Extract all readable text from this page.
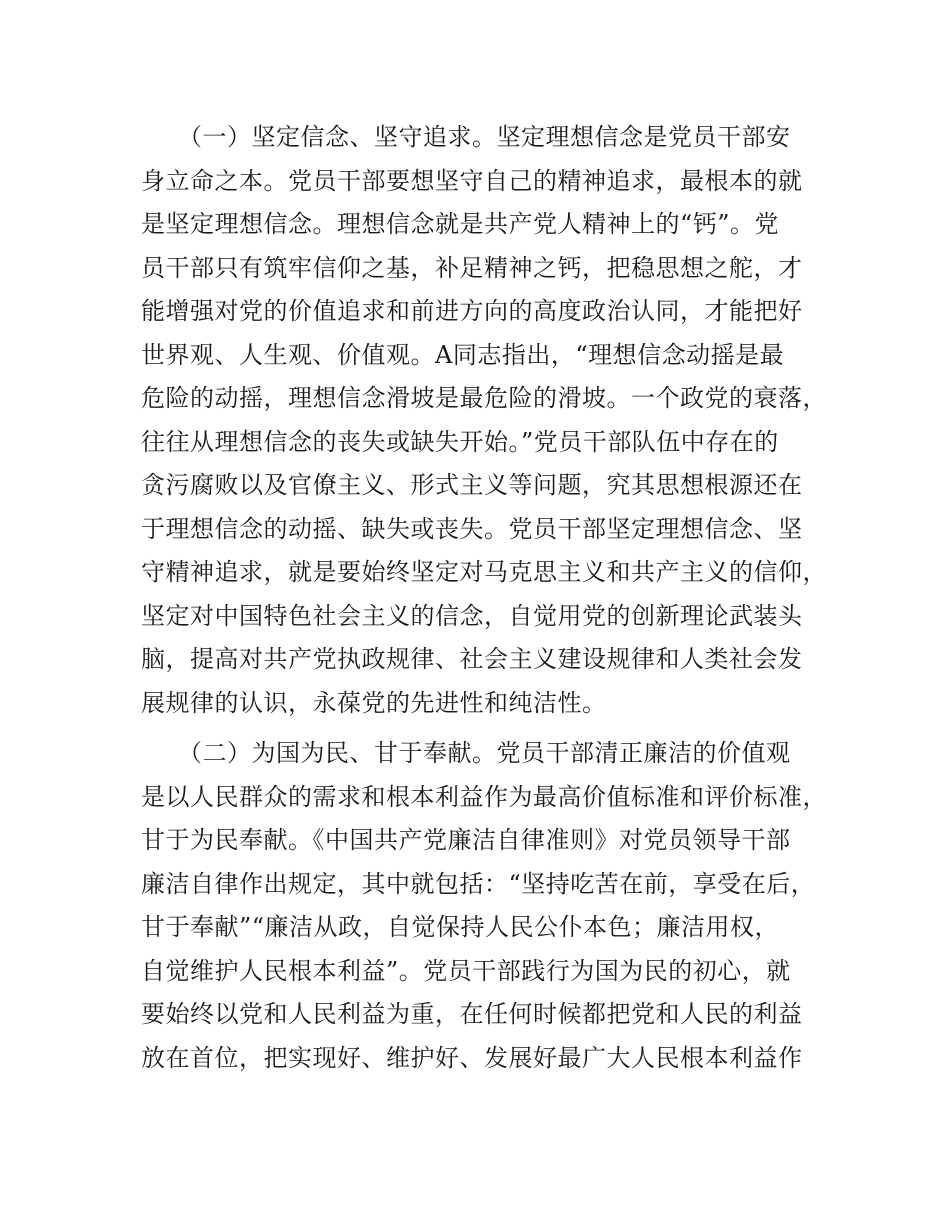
　　（一）坚定信念、坚守追求。坚定理想信念是党员干部安
身立命之本。党员干部要想坚守自己的精神追求，最根本的就
是坚定理想信念。理想信念就是共产党人精神上的“钙”。党
员干部只有筑牢信仰之基，补足精神之钙，把稳思想之舵，才
能增强对党的价值追求和前进方向的高度政治认同，才能把好
世界观、人生观、价值观。A同志指出，“理想信念动摇是最
危险的动摇，理想信念滑坡是最危险的滑坡。一个政党的衰落，
往往从理想信念的丧失或缺失开始。”党员干部队伍中存在的
贪污腐败以及官僚主义、形式主义等问题，究其思想根源还在
于理想信念的动摇、缺失或丧失。党员干部坚定理想信念、坚
守精神追求，就是要始终坚定对马克思主义和共产主义的信仰，
坚定对中国特色社会主义的信念，自觉用党的创新理论武装头
脑，提高对共产党执政规律、社会主义建设规律和人类社会发
展规律的认识，永葆党的先进性和纯洁性。
　　（二）为国为民、甘于奉献。党员干部清正廉洁的价值观
是以人民群众的需求和根本利益作为最高价值标准和评价标准，
甘于为民奉献。《中国共产党廉洁自律准则》对党员领导干部
廉洁自律作出规定，其中就包括：“坚持吃苦在前，享受在后，
甘于奉献”“廉洁从政，自觉保持人民公仆本色；廉洁用权，
自觉维护人民根本利益”。党员干部践行为国为民的初心，就
要始终以党和人民利益为重，在任何时候都把党和人民的利益
放在首位，把实现好、维护好、发展好最广大人民根本利益作
